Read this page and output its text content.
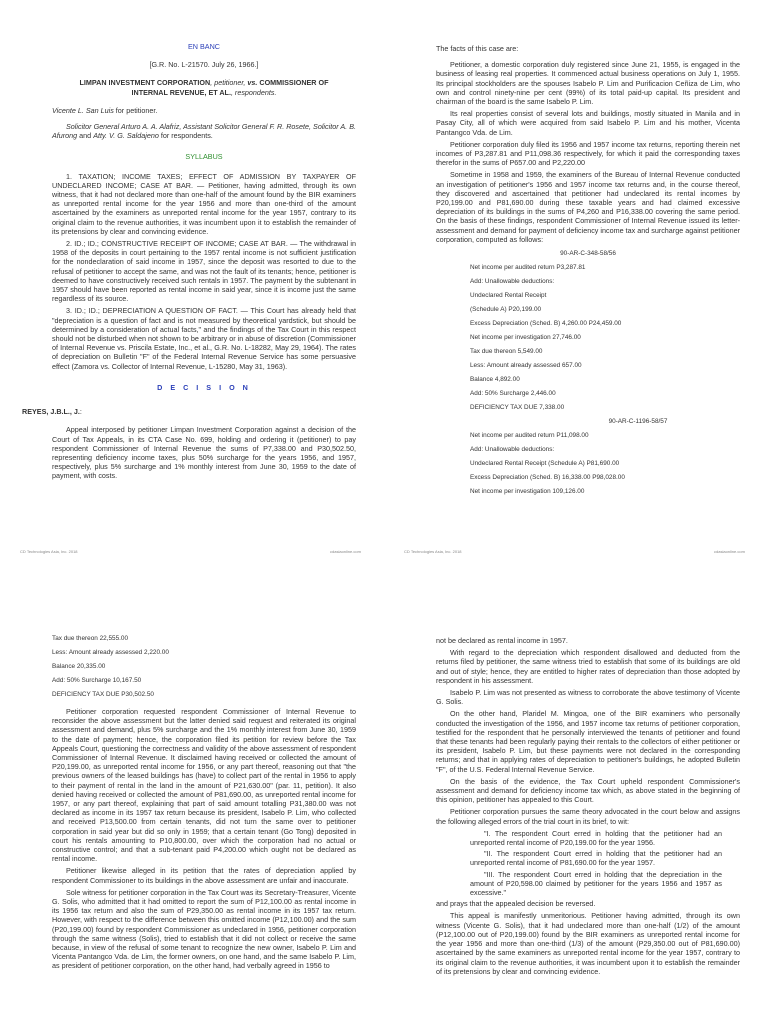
EN BANC

[G.R. No. L-21570. July 26, 1966.]

LIMPAN INVESTMENT CORPORATION, petitioner, vs. COMMISSIONER OF INTERNAL REVENUE, ET AL., respondents.

Vicente L. San Luis for petitioner.

Solicitor General Arturo A. A. Alafriz, Assistant Solicitor General F. R. Rosete, Solicitor A. B. Afurong and Atty. V. G. Saldajeno for respondents.

SYLLABUS

1. TAXATION; INCOME TAXES; EFFECT OF ADMISSION BY TAXPAYER OF UNDECLARED INCOME; CASE AT BAR. — Petitioner, having admitted, through its own witness, that it had not declared more than one-half of the amount found by the BIR examiners as unreported rental income for the year 1956 and more than one-third of the amount ascertained by the examiners as unreported rental income for the year 1957, contrary to its original claim to the revenue authorities, it was incumbent upon it to establish the remainder of its pretensions by clear and convincing evidence.

2. ID.; ID.; CONSTRUCTIVE RECEIPT OF INCOME; CASE AT BAR. — The withdrawal in 1958 of the deposits in court pertaining to the 1957 rental income is not sufficient justification for the nondeclaration of said income in 1957, since the deposit was resorted to due to the refusal of petitioner to accept the same, and was not the fault of its tenants; hence, petitioner is deemed to have constructively received such rentals in 1957. The payment by the subtenant in 1957 should have been reported as rental income in said year, since it is income just the same regardless of its source.

3. ID.; ID.; DEPRECIATION A QUESTION OF FACT. — This Court has already held that "depreciation is a question of fact and is not measured by theoretical yardstick, but should be determined by a consideration of actual facts," and the findings of the Tax Court in this respect should not be disturbed when not shown to be arbitrary or in abuse of discretion (Commissioner of Internal Revenue vs. Priscila Estate, Inc., et al., G.R. No. L-18282, May 29, 1964). The rates of depreciation on Bulletin "F" of the Federal Internal Revenue Service has some persuasive effect (Zamora vs. Collector of Internal Revenue, L-15280, May 31, 1963).

D E C I S I O N

REYES, J.B.L., J.:

Appeal interposed by petitioner Limpan Investment Corporation against a decision of the Court of Tax Appeals, in its CTA Case No. 699, holding and ordering it (petitioner) to pay respondent Commissioner of Internal Revenue the sums of P7,338.00 and P30,502.50, representing deficiency income taxes, plus 50% surcharge for the years 1956, and 1957, respectively, plus 5% surcharge and 1% monthly interest from June 30, 1959 to the date of payment, with costs.

CD Technologies Asia, Inc. 2018	cdasiaonline.com

The facts of this case are:

Petitioner, a domestic corporation duly registered since June 21, 1955, is engaged in the business of leasing real properties. It commenced actual business operations on July 1, 1955. Its principal stockholders are the spouses Isabelo P. Lim and Purificacion Ceñiza de Lim, who own and control ninety-nine per cent (99%) of its total paid-up capital. Its president and chairman of the board is the same Isabelo P. Lim.

Its real properties consist of several lots and buildings, mostly situated in Manila and in Pasay City, all of which were acquired from said Isabelo P. Lim and his mother, Vicenta Pantangco Vda. de Lim.

Petitioner corporation duly filed its 1956 and 1957 income tax returns, reporting therein net incomes of P3,287.81 and P11,098.36 respectively, for which it paid the corresponding taxes therefor in the sums of P657.00 and P2,220.00

Sometime in 1958 and 1959, the examiners of the Bureau of Internal Revenue conducted an investigation of petitioner's 1956 and 1957 income tax returns and, in the course thereof, they discovered and ascertained that petitioner had undeclared its rental incomes by P20,199.00 and P81,690.00 during these taxable years and had claimed excessive depreciation of its buildings in the sums of P4,260 and P16,338.00 covering the same period. On the basis of these findings, respondent Commissioner of Internal Revenue issued its letter- assessment and demand for payment of deficiency income tax and surcharge against petitioner corporation, computed as follows:

90-AR-C-348-58/56
Net income per audited return P3,287.81
Add: Unallowable deductions:
Undeclared Rental Receipt
(Schedule A) P20,199.00
Excess Depreciation (Sched. B) 4,260.00 P24,459.00
Net income per investigation 27,746.00
Tax due thereon 5,549.00
Less: Amount already assessed 657.00
Balance 4,892.00
Add: 50% Surcharge 2,446.00
DEFICIENCY TAX DUE 7,338.00
90-AR-C-1196-58/57
Net income per audited return P11,098.00
Add: Unallowable deductions:
Undeclared Rental Receipt (Schedule A) P81,690.00
Excess Depreciation (Sched. B) 16,338.00 P98,028.00
Net income per investigation 109,126.00
CD Technologies Asia, Inc. 2018	cdasiaonline.com
Tax due thereon 22,555.00
Less: Amount already assessed 2,220.00
Balance 20,335.00
Add: 50% Surcharge 10,167.50
DEFICIENCY TAX DUE P30,502.50

Petitioner corporation requested respondent Commissioner of Internal Revenue to reconsider the above assessment but the latter denied said request and reiterated its original assessment and demand, plus 5% surcharge and the 1% monthly interest from June 30, 1959 to the date of payment; hence, the corporation filed its petition for review before the Tax Appeals Court, questioning the correctness and validity of the above assessment of respondent Commissioner of Internal Revenue. It disclaimed having received or collected the amount of P20,199.00, as unreported rental income for 1956, or any part thereof, reasoning out that "the previous owners of the leased buildings has (have) to collect part of the rental in 1956 to apply to their payment of rental in the land in the amount of P21,630.00" (par. 11, petition). It also denied having received or collected the amount of P81,690.00, as unreported rental income for 1957, or any part thereof, explaining that part of said amount totalling P31,380.00 was not declared as income in its 1957 tax return because its president, Isabelo P. Lim, who collected and received P13,500.00 from certain tenants, did not turn the same over to petitioner corporation in said year but did so only in 1959; that a certain tenant (Go Tong) deposited in court his rentals amounting to P10,800.00, over which the corporation had no actual or constructive control; and that a sub-tenant paid P4,200.00 which ought not be declared as rental income.

Petitioner likewise alleged in its petition that the rates of depreciation applied by respondent Commissioner to its buildings in the above assessment are unfair and inaccurate.

Sole witness for petitioner corporation in the Tax Court was its Secretary-Treasurer, Vicente G. Solis, who admitted that it had omitted to report the sum of P12,100.00 as rental income in its 1956 tax return and also the sum of P29,350.00 as rental income in its 1957 tax return. However, with respect to the difference between this omitted income (P12,100.00) and the sum (P20,199.00) found by respondent Commissioner as undeclared in 1956, petitioner corporation through the same witness (Solis), tried to establish that it did not collect or receive the same because, in view of the refusal of some tenant to recognize the new owner, Isabelo P. Lim and Vicenta Pantangco Vda. de Lim, the former owners, on one hand, and the same Isabelo P. Lim, as president of petitioner corporation, on the other hand, had verbally agreed in 1956 to

not be declared as rental income in 1957.

With regard to the depreciation which respondent disallowed and deducted from the returns filed by petitioner, the same witness tried to establish that some of its buildings are old and out of style; hence, they are entitled to higher rates of depreciation than those adopted by respondent in his assessment.

Isabelo P. Lim was not presented as witness to corroborate the above testimony of Vicente G. Solis.

On the other hand, Plaridel M. Mingoa, one of the BIR examiners who personally conducted the investigation of the 1956, and 1957 income tax returns of petitioner corporation, testified for the respondent that he personally interviewed the tenants of petitioner and found that these tenants had been regularly paying their rentals to the collectors of either petitioner or its president, Isabelo P. Lim, but these payments were not declared in the corresponding returns; and that in applying rates of depreciation to petitioner's buildings, he adopted Bulletin "F", of the U.S. Federal Internal Revenue Service.

On the basis of the evidence, the Tax Court upheld respondent Commissioner's assessment and demand for deficiency income tax which, as above stated in the beginning of this opinion, petitioner has appealed to this Court.

Petitioner corporation pursues the same theory advocated in the court below and assigns the following alleged errors of the trial court in its brief, to wit:

"I. The respondent Court erred in holding that the petitioner had an unreported rental income of P20,199.00 for the year 1956.

"II. The respondent Court erred in holding that the petitioner had an unreported rental income of P81,690.00 for the year 1957.

"III. The respondent Court erred in holding that the depreciation in the amount of P20,598.00 claimed by petitioner for the years 1956 and 1957 as excessive."

and prays that the appealed decision be reversed.

This appeal is manifestly unmeritorious. Petitioner having admitted, through its own witness (Vicente G. Solis), that it had undeclared more than one-half (1/2) of the amount (P12,100.00 out of P20,199.00) found by the BIR examiners as unreported rental income for the year 1956 and more than one-third (1/3) of the amount (P29,350.00 out of P81,690.00) ascertained by the same examiners as unreported rental income for the year 1957, contrary to its original claim to the revenue authorities, it was incumbent upon it to establish the remainder of its pretensions by clear and convincing evidence.
